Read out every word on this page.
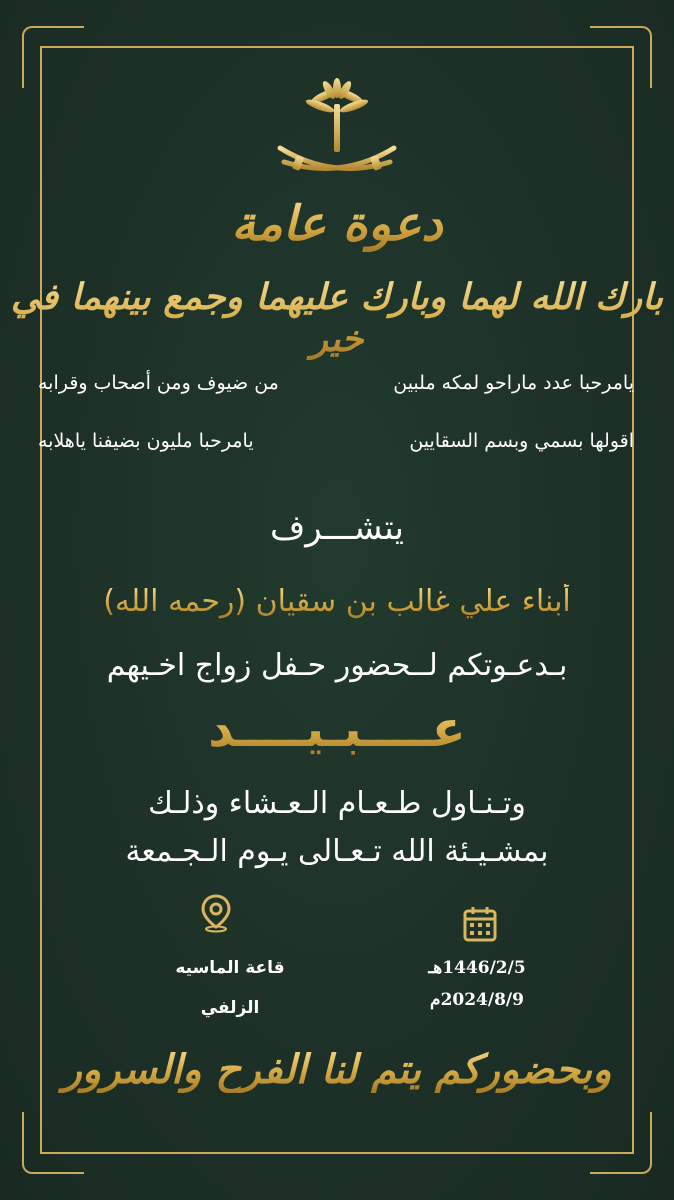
دعوة عامة
بارك الله لهما وبارك عليهما وجمع بينهما في خير
يامرحبا عدد ماراحو لمكه ملبين
من ضيوف ومن أصحاب وقرابه
اقولها بسمي وبسم السقايين
يامرحبا مليون بضيفنا ياهلابه
يتشـــرف
أبناء علي غالب بن سقيان (رحمه الله)
بـدعـوتكم لــحضور حـفل زواج اخـيهم
عــــبـيــــد
وتـنـاول طـعـام الـعـشاء وذلـك
بمشـيـئة الله تـعـالى يـوم الـجـمعة
قاعة الماسيه
الزلفي
1446/2/5هـ
2024/8/9م
وبحضوركم يتم لنا الفرح والسرور
